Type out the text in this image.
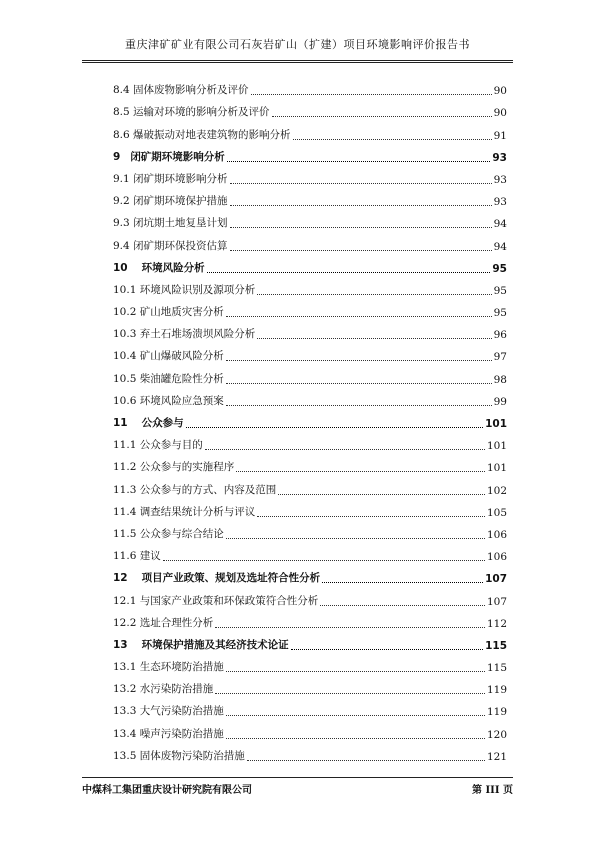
重庆津矿矿业有限公司石灰岩矿山（扩建）项目环境影响评价报告书
8.4 固体废物影响分析及评价	90
8.5 运输对环境的影响分析及评价	90
8.6 爆破振动对地表建筑物的影响分析	91
9 闭矿期环境影响分析	93
9.1 闭矿期环境影响分析	93
9.2 闭矿期环境保护措施	93
9.3 闭坑期土地复垦计划	94
9.4 闭矿期环保投资估算	94
10 环境风险分析	95
10.1 环境风险识别及源项分析	95
10.2 矿山地质灾害分析	95
10.3 弃土石堆场溃坝风险分析	96
10.4 矿山爆破风险分析	97
10.5 柴油罐危险性分析	98
10.6 环境风险应急预案	99
11 公众参与	101
11.1 公众参与目的	101
11.2 公众参与的实施程序	101
11.3 公众参与的方式、内容及范围	102
11.4 调查结果统计分析与评议	105
11.5 公众参与综合结论	106
11.6 建议	106
12 项目产业政策、规划及选址符合性分析	107
12.1 与国家产业政策和环保政策符合性分析	107
12.2 选址合理性分析	112
13 环境保护措施及其经济技术论证	115
13.1 生态环境防治措施	115
13.2 水污染防治措施	119
13.3 大气污染防治措施	119
13.4 噪声污染防治措施	120
13.5 固体废物污染防治措施	121
中煤科工集团重庆设计研究院有限公司	第 III 页
